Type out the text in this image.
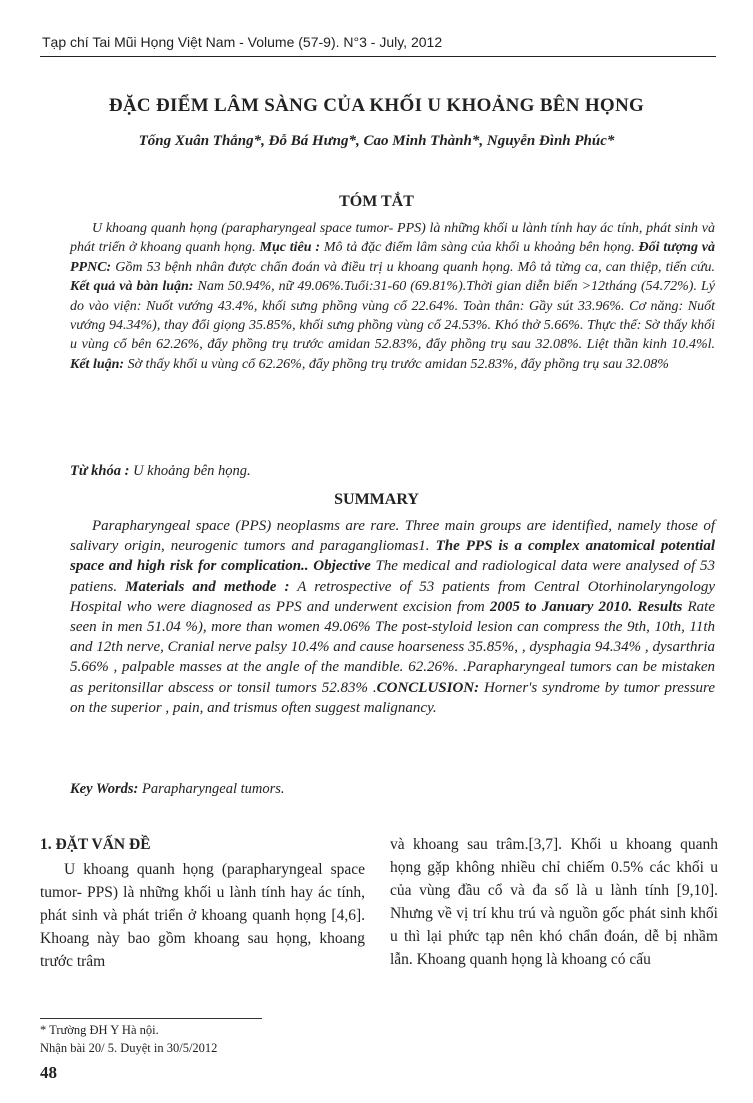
Tạp chí Tai Mũi Họng Việt Nam - Volume (57-9). N°3 - July, 2012
ĐẶC ĐIỂM LÂM SÀNG CỦA KHỐI U KHOẢNG BÊN HỌNG
Tống Xuân Thắng*, Đỗ Bá Hưng*, Cao Minh Thành*, Nguyễn Đình Phúc*
TÓM TẮT

U khoang quanh họng (parapharyngeal space tumor- PPS) là những khối u lành tính hay ác tính, phát sinh và phát triển ở khoang quanh họng. Mục tiêu : Mô tả đặc điểm lâm sàng của khối u khoảng bên họng. Đối tượng và PPNC: Gồm 53 bệnh nhân được chẩn đoán và điều trị u khoang quanh họng. Mô tả từng ca, can thiệp, tiến cứu. Kết quả và bàn luận: Nam 50.94%, nữ 49.06%.Tuổi:31-60 (69.81%).Thời gian diễn biến >12tháng (54.72%). Lý do vào viện: Nuốt vướng 43.4%, khối sưng phồng vùng cổ 22.64%. Toàn thân: Gầy sút 33.96%. Cơ năng: Nuốt vướng 94.34%), thay đổi giọng 35.85%, khối sưng phồng vùng cổ 24.53%. Khó thở 5.66%. Thực thể: Sờ thấy khối u vùng cổ bên 62.26%, đẩy phồng trụ trước amidan 52.83%, đẩy phồng trụ sau 32.08%. Liệt thần kinh 10.4%l. Kết luận: Sờ thấy khối u vùng cổ 62.26%, đẩy phồng trụ trước amidan 52.83%, đẩy phồng trụ sau 32.08%

Từ khóa : U khoảng bên họng.

SUMMARY

Parapharyngeal space (PPS) neoplasms are rare. Three main groups are identified, namely those of salivary origin, neurogenic tumors and paragangliomas1. The PPS is a complex anatomical potential space and high risk for complication.. Objective The medical and radiological data were analysed of 53 patiens. Materials and methode : A retrospective of 53 patients from Central Otorhinolaryngology Hospital who were diagnosed as PPS and underwent excision from 2005 to January 2010. Results Rate seen in men 51.04 %), more than women 49.06% The post-styloid lesion can compress the 9th, 10th, 11th and 12th nerve, Cranial nerve palsy 10.4% and cause hoarseness 35.85%, , dysphagia 94.34% , dysarthria 5.66% , palpable masses at the angle of the mandible. 62.26%. .Parapharyngeal tumors can be mistaken as peritonsillar abscess or tonsil tumors 52.83% .CONCLUSION: Horner's syndrome by tumor pressure on the superior , pain, and trismus often suggest malignancy.

Key Words: Parapharyngeal tumors.

1. ĐẶT VẤN ĐỀ

U khoang quanh họng (parapharyngeal space tumor- PPS) là những khối u lành tính hay ác tính, phát sinh và phát triển ở khoang quanh họng [4,6]. Khoang này bao gồm khoang sau họng, khoang trước trâm

và khoang sau trâm.[3,7]. Khối u khoang quanh họng gặp không nhiều chỉ chiếm 0.5% các khối u của vùng đầu cổ và đa số là u lành tính [9,10]. Nhưng về vị trí khu trú và nguồn gốc phát sinh khối u thì lại phức tạp nên khó chẩn đoán, dễ bị nhầm lẫn. Khoang quanh họng là khoang có cấu

* Trường ĐH Y Hà nội.
Nhận bài 20/ 5. Duyệt in 30/5/2012
48
